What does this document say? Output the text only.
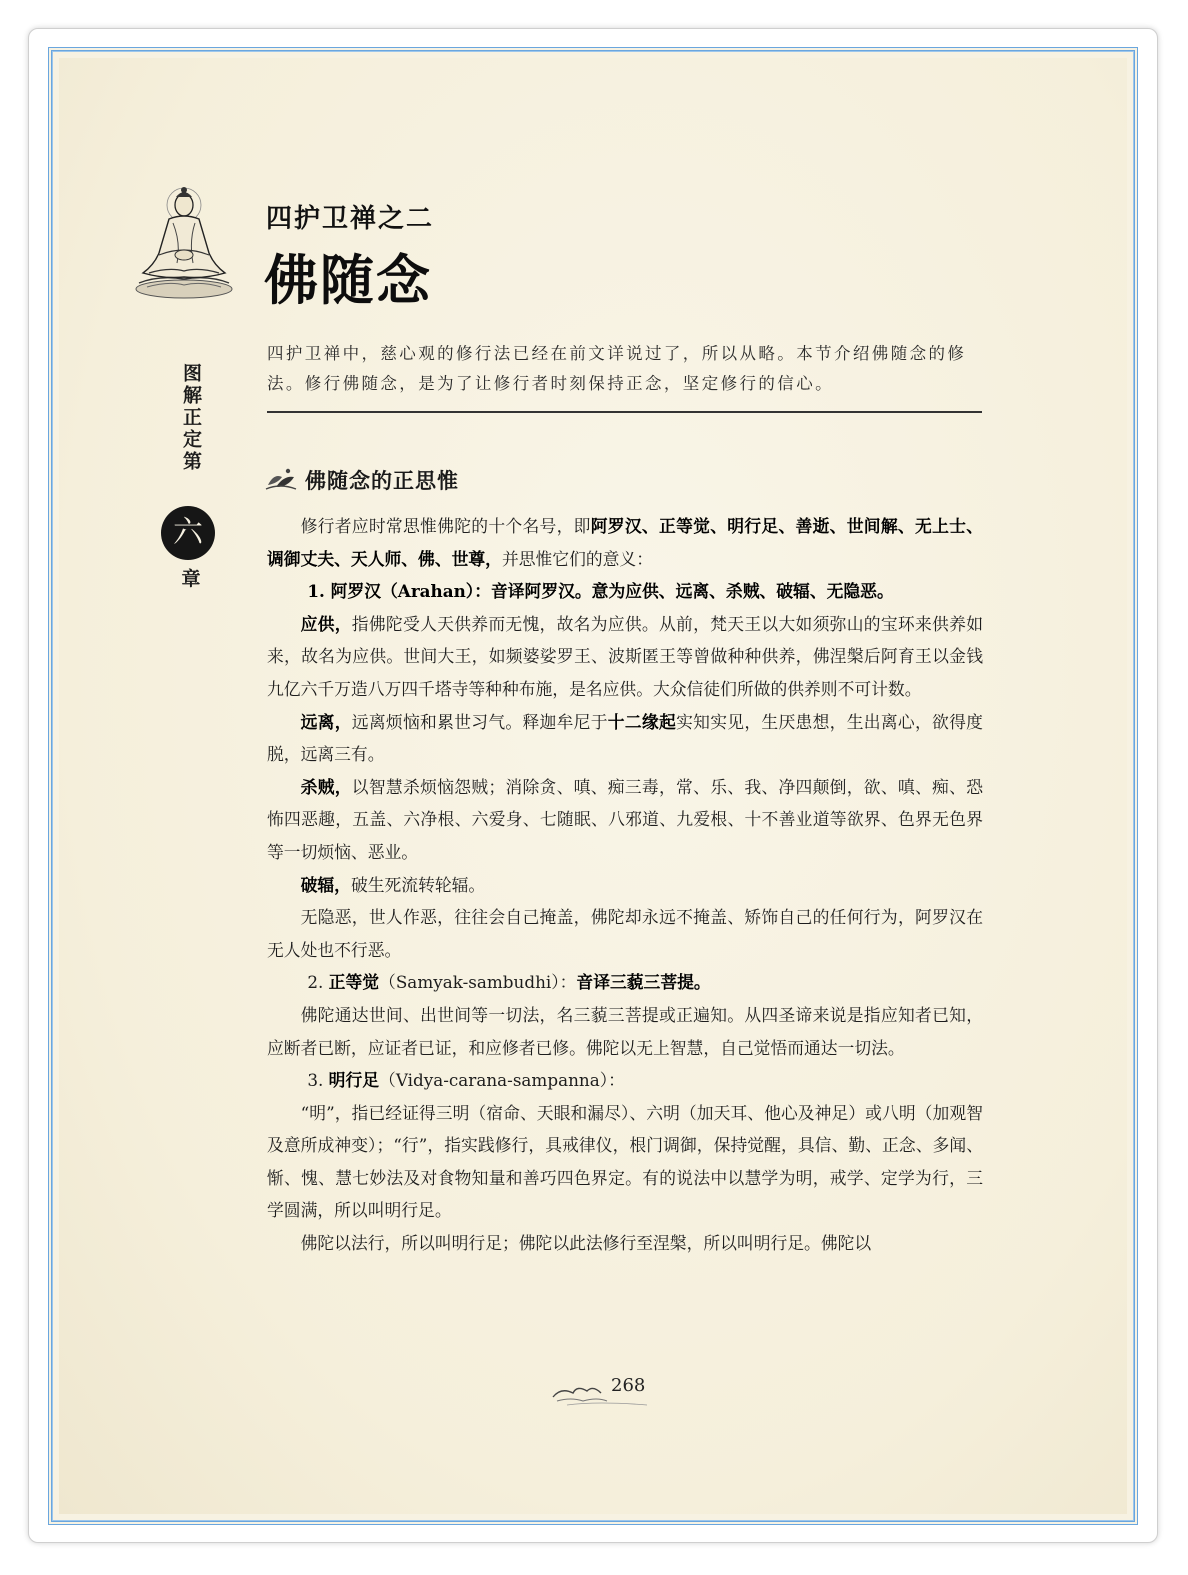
图解正定第
六
章
四护卫禅之二
佛随念
四护卫禅中，慈心观的修行法已经在前文详说过了，所以从略。本节介绍佛随念的修法。修行佛随念，是为了让修行者时刻保持正念，坚定修行的信心。
佛随念的正思惟

修行者应时常思惟佛陀的十个名号，即阿罗汉、正等觉、明行足、善逝、世间解、无上士、调御丈夫、天人师、佛、世尊，并思惟它们的意义：

1. 阿罗汉（Arahan）：音译阿罗汉。意为应供、远离、杀贼、破辐、无隐恶。

应供，指佛陀受人天供养而无愧，故名为应供。从前，梵天王以大如须弥山的宝环来供养如来，故名为应供。世间大王，如频婆娑罗王、波斯匿王等曾做种种供养，佛涅槃后阿育王以金钱九亿六千万造八万四千塔寺等种种布施，是名应供。大众信徒们所做的供养则不可计数。

远离，远离烦恼和累世习气。释迦牟尼于十二缘起实知实见，生厌患想，生出离心，欲得度脱，远离三有。

杀贼，以智慧杀烦恼怨贼；消除贪、嗔、痴三毒，常、乐、我、净四颠倒，欲、嗔、痴、恐怖四恶趣，五盖、六净根、六爱身、七随眠、八邪道、九爱根、十不善业道等欲界、色界无色界等一切烦恼、恶业。

破辐，破生死流转轮辐。

无隐恶，世人作恶，往往会自己掩盖，佛陀却永远不掩盖、矫饰自己的任何行为，阿罗汉在无人处也不行恶。

2. 正等觉（Samyak-sambudhi）：音译三藐三菩提。

佛陀通达世间、出世间等一切法，名三藐三菩提或正遍知。从四圣谛来说是指应知者已知，应断者已断，应证者已证，和应修者已修。佛陀以无上智慧，自己觉悟而通达一切法。

3. 明行足（Vidya-carana-sampanna）：

“明”，指已经证得三明（宿命、天眼和漏尽）、六明（加天耳、他心及神足）或八明（加观智及意所成神变）；“行”，指实践修行，具戒律仪，根门调御，保持觉醒，具信、勤、正念、多闻、惭、愧、慧七妙法及对食物知量和善巧四色界定。有的说法中以慧学为明，戒学、定学为行，三学圆满，所以叫明行足。

佛陀以法行，所以叫明行足；佛陀以此法修行至涅槃，所以叫明行足。佛陀以

268
